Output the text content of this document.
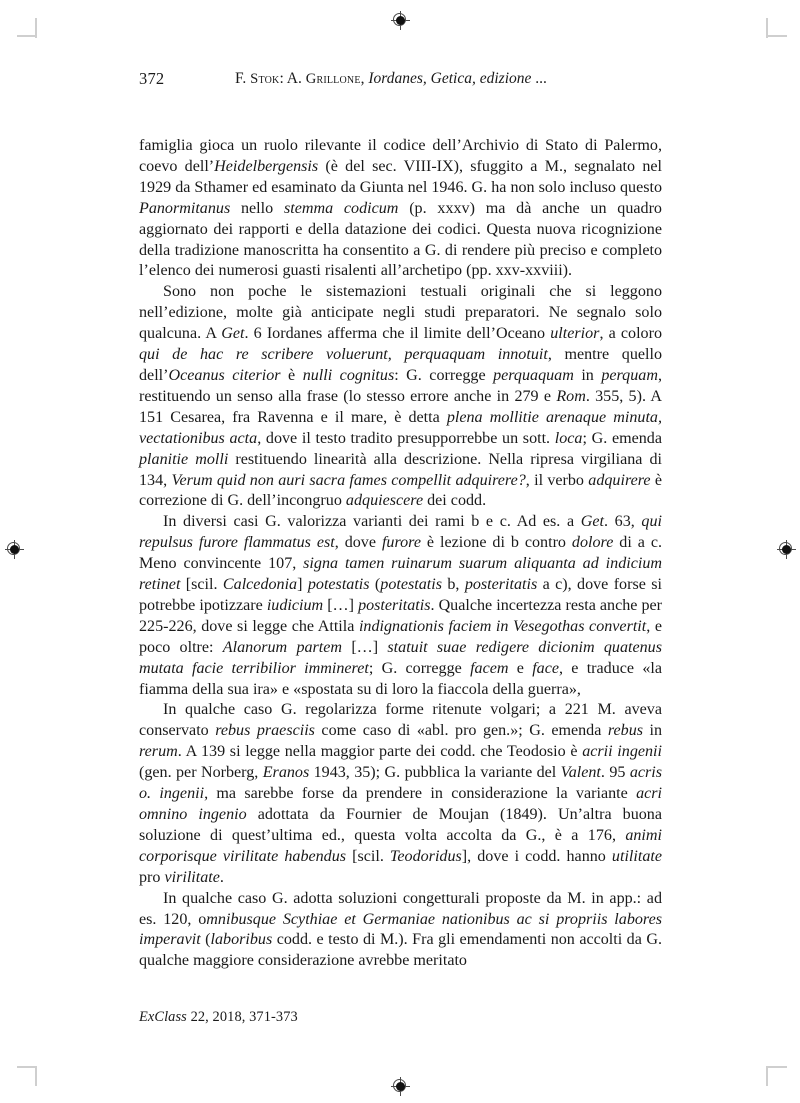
372	F. Stok: A. Grillone, Iordanes, Getica, edizione ...

famiglia gioca un ruolo rilevante il codice dell’Archivio di Stato di Palermo, coevo dell’Heidelbergensis (è del sec. VIII-IX), sfuggito a M., segnalato nel 1929 da Sthamer ed esaminato da Giunta nel 1946. G. ha non solo incluso questo Panormitanus nello stemma codicum (p. xxxv) ma dà anche un quadro aggiornato dei rapporti e della datazione dei codici. Questa nuova ricognizione della tradizione manoscritta ha consentito a G. di rendere più preciso e completo l’elenco dei numerosi guasti risalenti all’archetipo (pp. xxv-xxviii).

Sono non poche le sistemazioni testuali originali che si leggono nell’edizione, molte già anticipate negli studi preparatori. Ne segnalo solo qualcuna. A Get. 6 Iordanes afferma che il limite dell’Oceano ulterior, a coloro qui de hac re scribere voluerunt, perquaquam innotuit, mentre quello dell’Oceanus citerior è nulli cognitus: G. corregge perquaquam in perquam, restituendo un senso alla frase (lo stesso errore anche in 279 e Rom. 355, 5). A 151 Cesarea, fra Ravenna e il mare, è detta plena mollitie arenaque minuta, vectationibus acta, dove il testo tradito presupporrebbe un sott. loca; G. emenda planitie molli restituendo linearità alla descrizione. Nella ripresa virgiliana di 134, Verum quid non auri sacra fames compellit adquirere?, il verbo adquirere è correzione di G. dell’incongruo adquiescere dei codd.

In diversi casi G. valorizza varianti dei rami b e c. Ad es. a Get. 63, qui repulsus furore flammatus est, dove furore è lezione di b contro dolore di a c. Meno convincente 107, signa tamen ruinarum suarum aliquanta ad indicium retinet [scil. Calcedonia] potestatis (potestatis b, posteritatis a c), dove forse si potrebbe ipotizzare iudicium […] posteritatis. Qualche incertezza resta anche per 225-226, dove si legge che Attila indignationis faciem in Vesegothas convertit, e poco oltre: Alanorum partem […] statuit suae redigere dicionim quatenus mutata facie terribilior immineret; G. corregge facem e face, e traduce «la fiamma della sua ira» e «spostata su di loro la fiaccola della guerra»,

In qualche caso G. regolarizza forme ritenute volgari; a 221 M. aveva conservato rebus praesciis come caso di «abl. pro gen.»; G. emenda rebus in rerum. A 139 si legge nella maggior parte dei codd. che Teodosio è acrii ingenii (gen. per Norberg, Eranos 1943, 35); G. pubblica la variante del Valent. 95 acris o. ingenii, ma sarebbe forse da prendere in considerazione la variante acri omnino ingenio adottata da Fournier de Moujan (1849). Un’altra buona soluzione di quest’ultima ed., questa volta accolta da G., è a 176, animi corporisque virilitate habendus [scil. Teodoridus], dove i codd. hanno utilitate pro virilitate.

In qualche caso G. adotta soluzioni congetturali proposte da M. in app.: ad es. 120, omnibusque Scythiae et Germaniae nationibus ac si propriis labores imperavit (laboribus codd. e testo di M.). Fra gli emendamenti non accolti da G. qualche maggiore considerazione avrebbe meritato

ExClass 22, 2018, 371-373
